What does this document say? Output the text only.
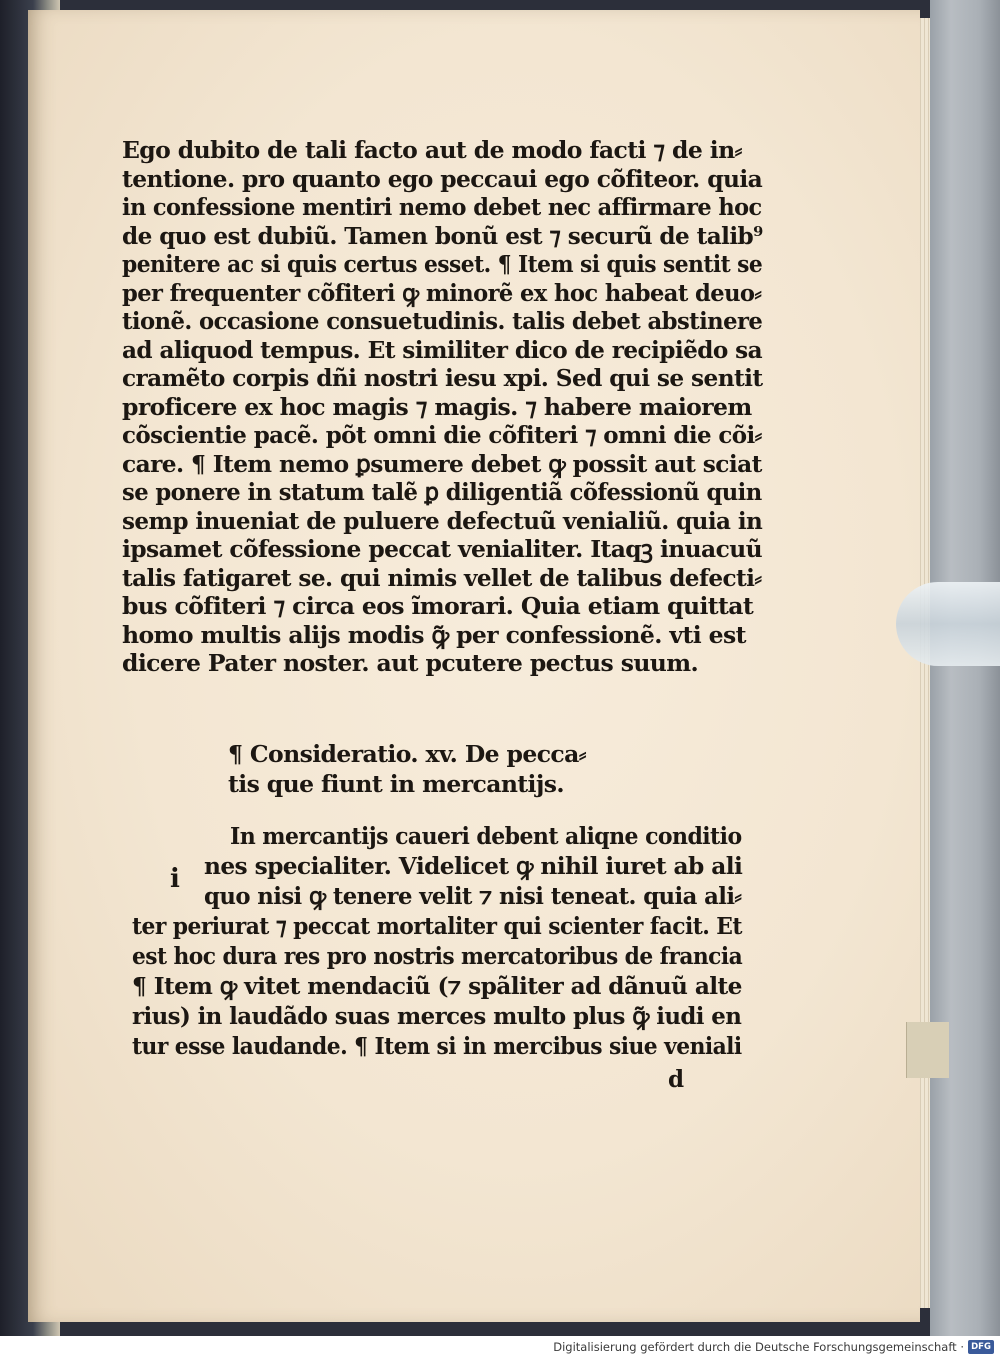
Ego dubito de tali facto aut de modo facti ⁊ de in⸗
tentione. pro quanto ego peccaui ego cõfiteor. quia
in confessione mentiri nemo debet nec affirmare hoc
de quo est dubiũ. Tamen bonũ est ⁊ securũ de talib⁹
penitere ac si quis certus esset. ¶ Item si quis sentit se
per frequenter cõfiteri ꝙ minorẽ ex hoc habeat deuo⸗
tionẽ. occasione consuetudinis. talis debet abstinere
ad aliquod tempus. Et similiter dico de recipiẽdo sa
cramẽto corpis dñi nostri iesu xpi. Sed qui se sentit
proficere ex hoc magis ⁊ magis. ⁊ habere maiorem
cõscientie pacẽ. põt omni die cõfiteri ⁊ omni die cõi⸗
care. ¶ Item nemo ꝑsumere debet ꝙ possit aut sciat
se ponere in statum talẽ ꝑ diligentiã cõfessionũ quin
semp inueniat de puluere defectuũ venialiũ. quia in
ipsamet cõfessione peccat venialiter. Itaqꝫ inuacuũ
talis fatigaret se. qui nimis vellet de talibus defecti⸗
bus cõfiteri ⁊ circa eos ĩmorari. Quia etiam quittat
homo multis alijs modis ꝙ̃ per confessionẽ. vti est
dicere Pater noster. aut pcutere pectus suum.
¶ Consideratio. xv. De pecca⸗
tis que fiunt in mercantijs.
i
In mercantijs caueri debent aliqne conditio
nes specialiter. Videlicet ꝙ nihil iuret ab ali
quo nisi ꝙ tenere velit ⁊ nisi teneat. quia ali⸗
ter periurat ⁊ peccat mortaliter qui scienter facit. Et
est hoc dura res pro nostris mercatoribus de francia
¶ Item ꝙ vitet mendaciũ (⁊ spãliter ad dãnuũ alte
rius) in laudãdo suas merces multo plus ꝙ̃ iudi en
tur esse laudande. ¶ Item si in mercibus siue veniali
d
Digitalisierung gefördert durch die Deutsche Forschungsgemeinschaft · DFG
